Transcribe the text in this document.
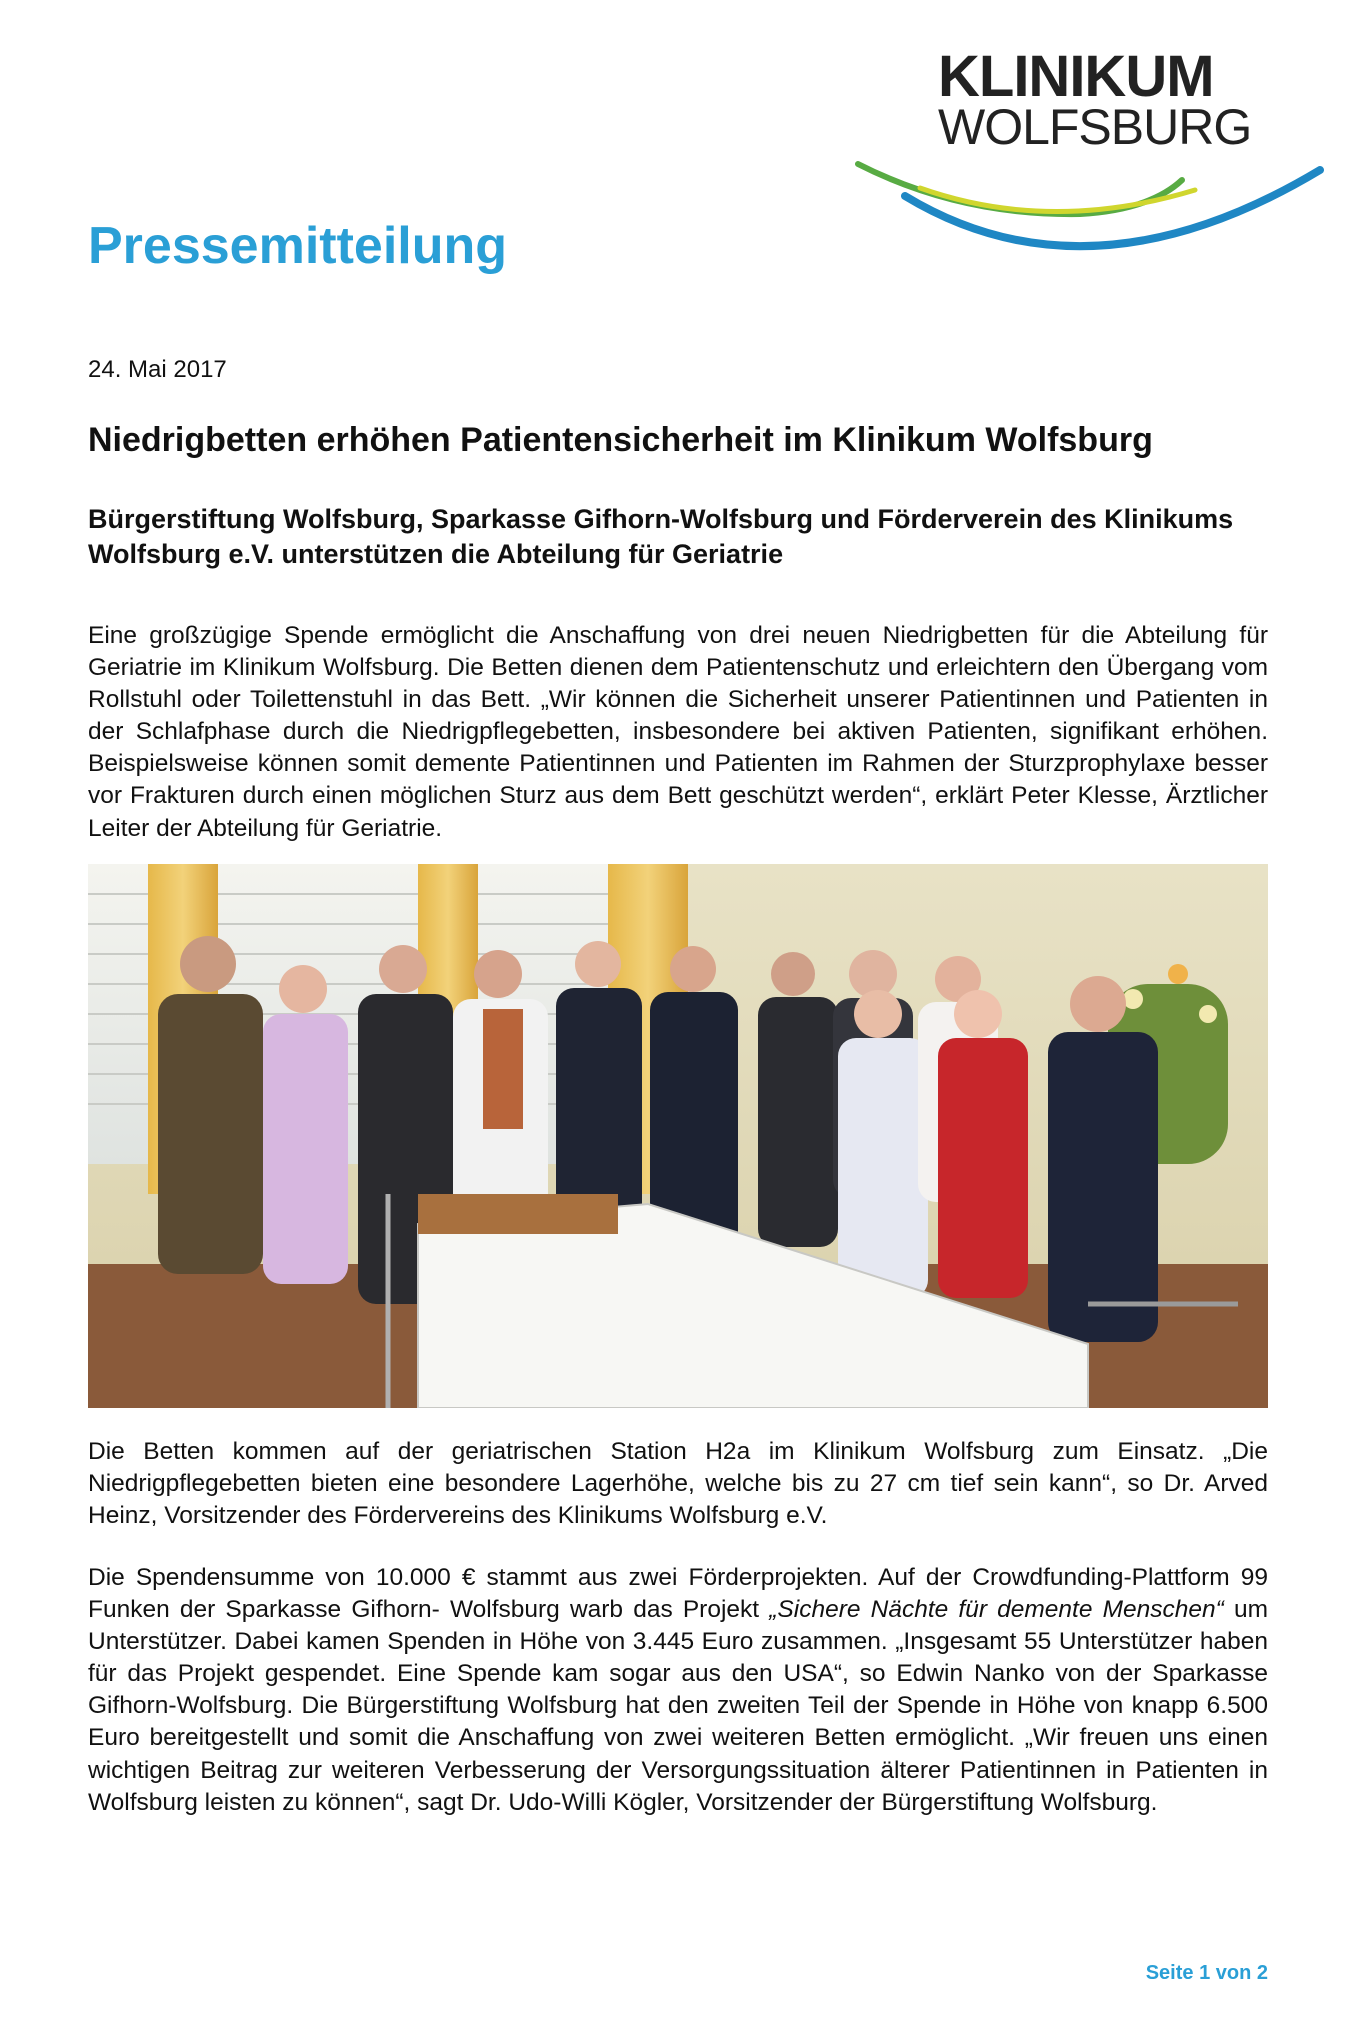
KLINIKUM
WOLFSBURG
Pressemitteilung
24. Mai 2017
Niedrigbetten erhöhen Patientensicherheit im Klinikum Wolfsburg
Bürgerstiftung Wolfsburg, Sparkasse Gifhorn-Wolfsburg und Förderverein des Klinikums Wolfsburg e.V. unterstützen die Abteilung für Geriatrie

Eine großzügige Spende ermöglicht die Anschaffung von drei neuen Niedrigbetten für die Abteilung für Geriatrie im Klinikum Wolfsburg. Die Betten dienen dem Patientenschutz und erleichtern den Übergang vom Rollstuhl oder Toilettenstuhl in das Bett. „Wir können die Sicherheit unserer Patientinnen und Patienten in der Schlafphase durch die Niedrigpflegebetten, insbesondere bei aktiven Patienten, signifikant erhöhen. Beispielsweise können somit demente Patientinnen und Patienten im Rahmen der Sturzprophylaxe besser vor Frakturen durch einen möglichen Sturz aus dem Bett geschützt werden“, erklärt Peter Klesse, Ärztlicher Leiter der Abteilung für Geriatrie.

Die Betten kommen auf der geriatrischen Station H2a im Klinikum Wolfsburg zum Einsatz. „Die Niedrigpflegebetten bieten eine besondere Lagerhöhe, welche bis zu 27 cm tief sein kann“, so Dr. Arved Heinz, Vorsitzender des Fördervereins des Klinikums Wolfsburg e.V.

Die Spendensumme von 10.000 € stammt aus zwei Förderprojekten. Auf der Crowdfunding-Plattform 99 Funken der Sparkasse Gifhorn- Wolfsburg warb das Projekt „Sichere Nächte für demente Menschen“ um Unterstützer. Dabei kamen Spenden in Höhe von 3.445 Euro zusammen. „Insgesamt 55 Unterstützer haben für das Projekt gespendet. Eine Spende kam sogar aus den USA“, so Edwin Nanko von der Sparkasse Gifhorn-Wolfsburg. Die Bürgerstiftung Wolfsburg hat den zweiten Teil der Spende in Höhe von knapp 6.500 Euro bereitgestellt und somit die Anschaffung von zwei weiteren Betten ermöglicht. „Wir freuen uns einen wichtigen Beitrag zur weiteren Verbesserung der Versorgungssituation älterer Patientinnen in Patienten in Wolfsburg leisten zu können“, sagt Dr. Udo-Willi Kögler, Vorsitzender der Bürgerstiftung Wolfsburg.

Seite 1 von 2
